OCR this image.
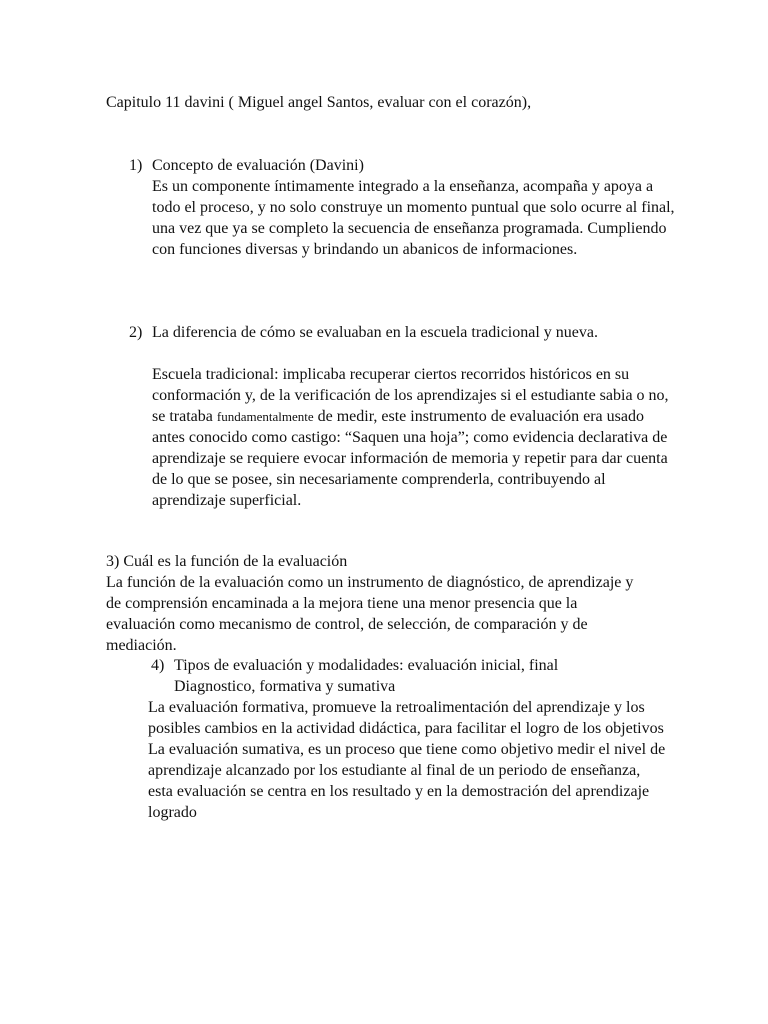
Capitulo 11 davini ( Miguel angel Santos, evaluar con el corazón),
1) Concepto de evaluación (Davini)

Es un componente íntimamente integrado a la enseñanza, acompaña y apoya a todo el proceso, y no solo construye un momento puntual que solo ocurre al final, una vez que ya se completo la secuencia de enseñanza programada. Cumpliendo con funciones diversas y brindando un abanicos de informaciones.

2) La diferencia de cómo se evaluaban en la escuela tradicional y nueva.

Escuela tradicional: implicaba recuperar ciertos recorridos históricos en su conformación y, de la verificación de los aprendizajes si el estudiante sabia o no, se trataba fundamentalmente de medir, este instrumento de evaluación era usado antes conocido como castigo: “Saquen una hoja”; como evidencia declarativa de aprendizaje se requiere evocar información de memoria y repetir para dar cuenta de lo que se posee, sin necesariamente comprenderla, contribuyendo al aprendizaje superficial.

3) Cuál es la función de la evaluación

La función de la evaluación como un instrumento de diagnóstico, de aprendizaje y de comprensión encaminada a la mejora tiene una menor presencia que la evaluación como mecanismo de control, de selección, de comparación y de mediación.

4) Tipos de evaluación y modalidades: evaluación inicial, final

Diagnostico, formativa y sumativa

La evaluación formativa, promueve la retroalimentación del aprendizaje y los posibles cambios en la actividad didáctica, para facilitar el logro de los objetivos

La evaluación sumativa, es un proceso que tiene como objetivo medir el nivel de aprendizaje alcanzado por los estudiante al final de un periodo de enseñanza, esta evaluación se centra en los resultado y en la demostración del aprendizaje logrado
